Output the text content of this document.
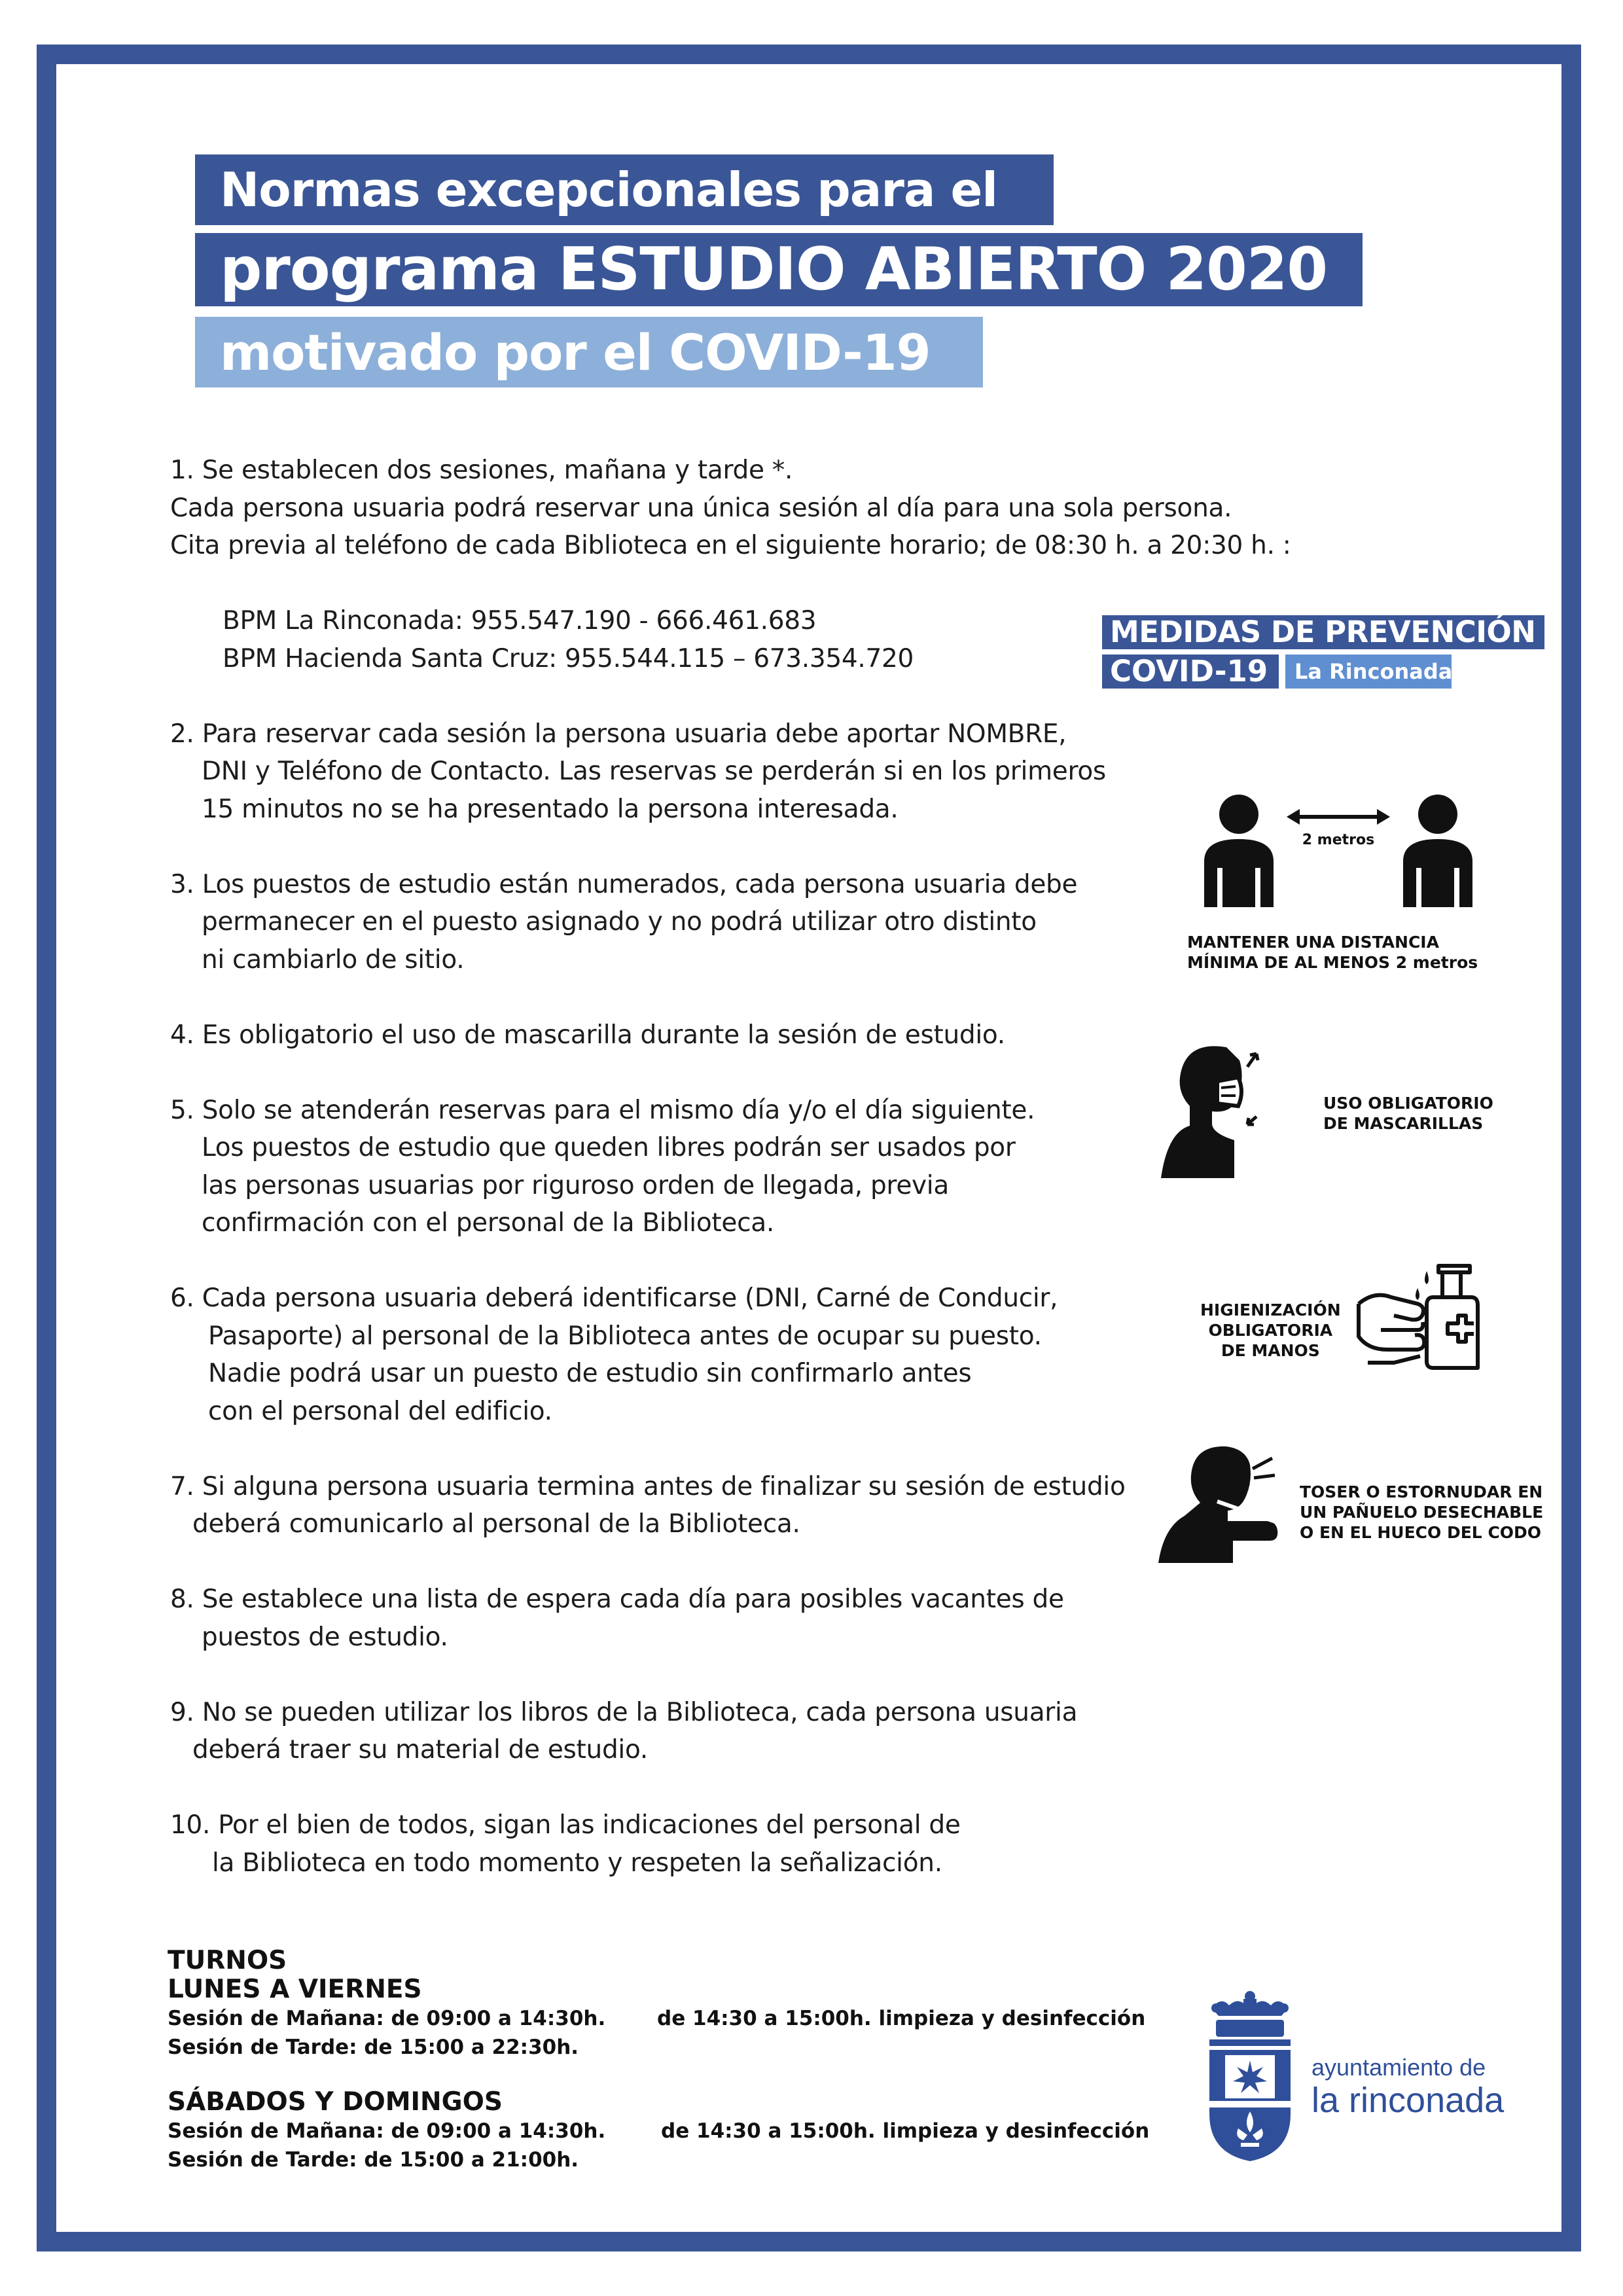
Normas excepcionales para el
programa ESTUDIO ABIERTO 2020
motivado por el COVID-19
1. Se establecen dos sesiones, mañana y tarde *.
Cada persona usuaria podrá reservar una única sesión al día para una sola persona.
Cita previa al teléfono de cada Biblioteca en el siguiente horario; de 08:30 h. a 20:30 h. :
BPM La Rinconada: 955.547.190 - 666.461.683
BPM Hacienda Santa Cruz: 955.544.115 – 673.354.720
2. Para reservar cada sesión la persona usuaria debe aportar NOMBRE,
DNI y Teléfono de Contacto. Las reservas se perderán si en los primeros
15 minutos no se ha presentado la persona interesada.
3. Los puestos de estudio están numerados, cada persona usuaria debe
permanecer en el puesto asignado y no podrá utilizar otro distinto
ni cambiarlo de sitio.
4. Es obligatorio el uso de mascarilla durante la sesión de estudio.
5. Solo se atenderán reservas para el mismo día y/o el día siguiente.
Los puestos de estudio que queden libres podrán ser usados por
las personas usuarias por riguroso orden de llegada, previa
confirmación con el personal de la Biblioteca.
6. Cada persona usuaria deberá identificarse (DNI, Carné de Conducir,
Pasaporte) al personal de la Biblioteca antes de ocupar su puesto.
Nadie podrá usar un puesto de estudio sin confirmarlo antes
con el personal del edificio.
7. Si alguna persona usuaria termina antes de finalizar su sesión de estudio
deberá comunicarlo al personal de la Biblioteca.
8. Se establece una lista de espera cada día para posibles vacantes de
puestos de estudio.
9. No se pueden utilizar los libros de la Biblioteca, cada persona usuaria
deberá traer su material de estudio.
10. Por el bien de todos, sigan las indicaciones del personal de
la Biblioteca en todo momento y respeten la señalización.
TURNOS
LUNES A VIERNES
Sesión de Mañana: de 09:00 a 14:30h.	de 14:30 a 15:00h. limpieza y desinfección
Sesión de Tarde: de 15:00 a 22:30h.
SÁBADOS Y DOMINGOS
Sesión de Mañana: de 09:00 a 14:30h.	de 14:30 a 15:00h. limpieza y desinfección
Sesión de Tarde: de 15:00 a 21:00h.
MEDIDAS DE PREVENCIÓN
COVID-19	La Rinconada
2 metros
MANTENER UNA DISTANCIA
MÍNIMA DE AL MENOS 2 metros
USO OBLIGATORIO
DE MASCARILLAS
HIGIENIZACIÓN
OBLIGATORIA
DE MANOS
TOSER O ESTORNUDAR EN
UN PAÑUELO DESECHABLE
O EN EL HUECO DEL CODO
ayuntamiento de
la rinconada
